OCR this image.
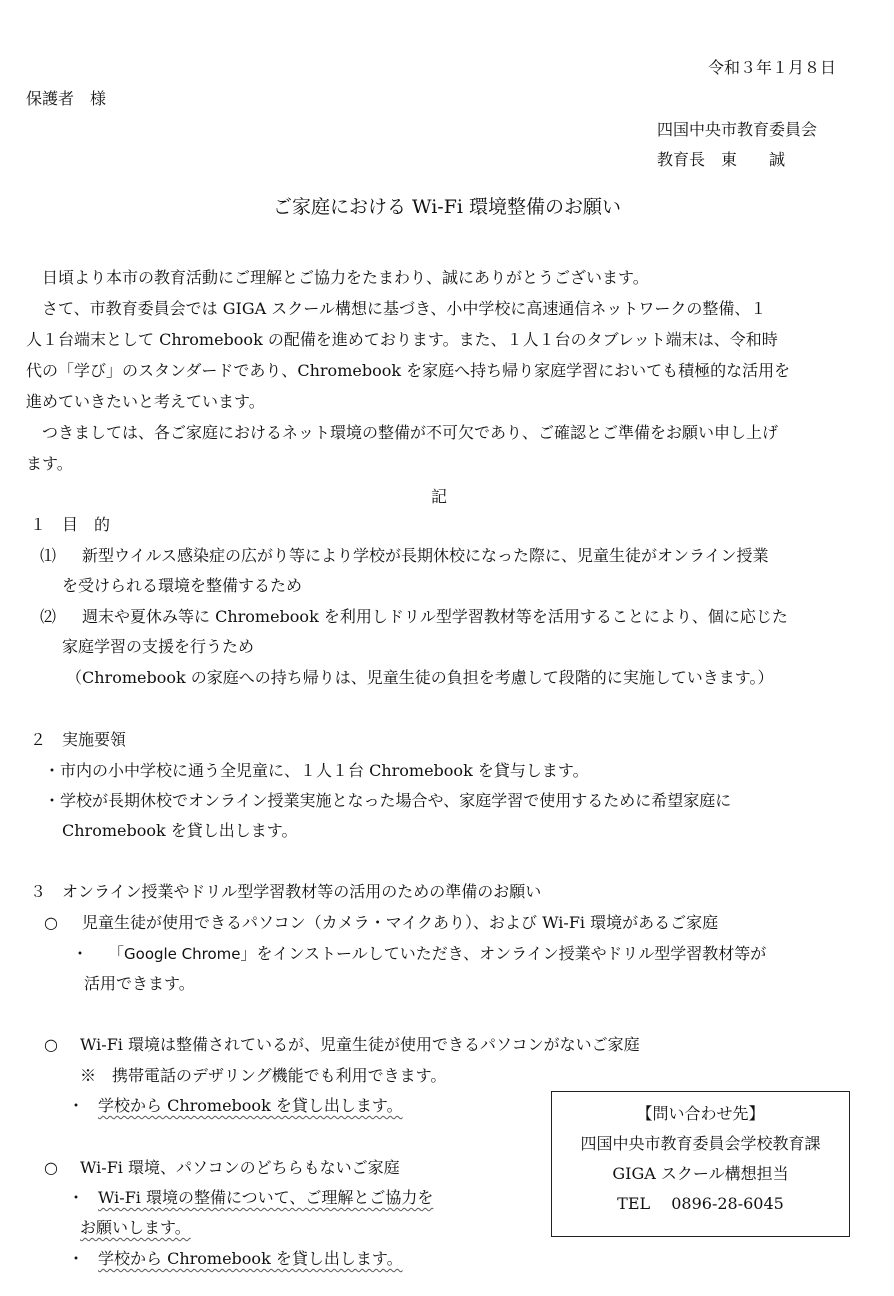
令和３年１月８日
保護者　様
四国中央市教育委員会
教育長　東　　誠
ご家庭における Wi-Fi 環境整備のお願い
日頃より本市の教育活動にご理解とご協力をたまわり、誠にありがとうございます。
さて、市教育委員会では GIGA スクール構想に基づき、小中学校に高速通信ネットワークの整備、１
人１台端末として Chromebook の配備を進めております。また、１人１台のタブレット端末は、令和時
代の「学び」のスタンダードであり、Chromebook を家庭へ持ち帰り家庭学習においても積極的な活用を
進めていきたいと考えています。
つきましては、各ご家庭におけるネット環境の整備が不可欠であり、ご確認とご準備をお願い申し上げ
ます。
記
１　目　的
⑴ 新型ウイルス感染症の広がり等により学校が長期休校になった際に、児童生徒がオンライン授業
を受けられる環境を整備するため
⑵ 週末や夏休み等に Chromebook を利用しドリル型学習教材等を活用することにより、個に応じた
家庭学習の支援を行うため
（Chromebook の家庭への持ち帰りは、児童生徒の負担を考慮して段階的に実施していきます。）
２　実施要領
・市内の小中学校に通う全児童に、１人１台 Chromebook を貸与します。
・学校が長期休校でオンライン授業実施となった場合や、家庭学習で使用するために希望家庭に
Chromebook を貸し出します。
３　オンライン授業やドリル型学習教材等の活用のための準備のお願い
○ 児童生徒が使用できるパソコン（カメラ・マイクあり）、および Wi-Fi 環境があるご家庭
・ 「Google Chrome」をインストールしていただき、オンライン授業やドリル型学習教材等が
活用できます。
○ Wi-Fi 環境は整備されているが、児童生徒が使用できるパソコンがないご家庭
※　携帯電話のデザリング機能でも利用できます。
・ 学校から Chromebook を貸し出します。
○ Wi-Fi 環境、パソコンのどちらもないご家庭
・ Wi-Fi 環境の整備について、ご理解とご協力を
お願いします。
・ 学校から Chromebook を貸し出します。
【問い合わせ先】
四国中央市教育委員会学校教育課
GIGA スクール構想担当
TEL　 0896-28-6045
